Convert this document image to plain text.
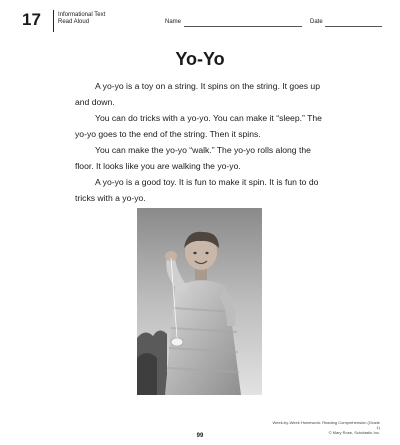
17	Informational Text
Read Aloud	Name	Date
Yo-Yo

A yo-yo is a toy on a string. It spins on the string. It goes up and down.

You can do tricks with a yo-yo. You can make it “sleep.” The yo-yo goes to the end of the string. Then it spins.

You can make the yo-yo “walk.” The yo-yo rolls along the floor. It looks like you are walking the yo-yo.

A yo-yo is a good toy. It is fun to make it spin. It is fun to do tricks with a yo-yo.

Week-by-Week Homework: Reading Comprehension (Grade 1)
© Mary Rose, Scholastic Inc.
99
